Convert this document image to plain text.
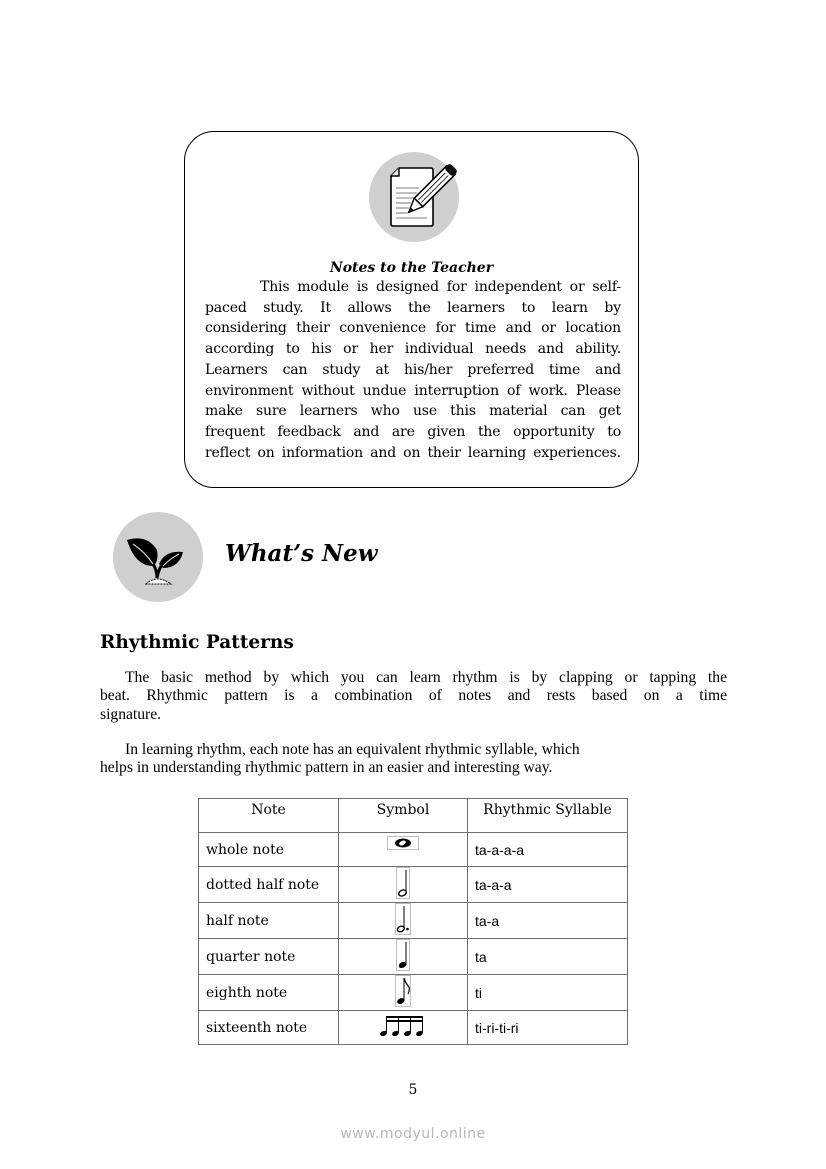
Notes to the Teacher
This module is designed for independent or self-
paced study. It allows the learners to learn by
considering their convenience for time and or location
according to his or her individual needs and ability.
Learners can study at his/her preferred time and
environment without undue interruption of work. Please
make sure learners who use this material can get
frequent feedback and are given the opportunity to
reflect on information and on their learning experiences.
What’s New
Rhythmic Patterns
The basic method by which you can learn rhythm is by clapping or tapping the
beat. Rhythmic pattern is a combination of notes and rests based on a time
signature.
In learning rhythm, each note has an equivalent rhythmic syllable, which
helps in understanding rhythmic pattern in an easier and interesting way.
Note	Symbol	Rhythmic Syllable
whole note		ta-a-a-a
dotted half note		ta-a-a
half note		ta-a
quarter note		ta
eighth note		ti
sixteenth note		ti-ri-ti-ri
5
www.modyul.online
